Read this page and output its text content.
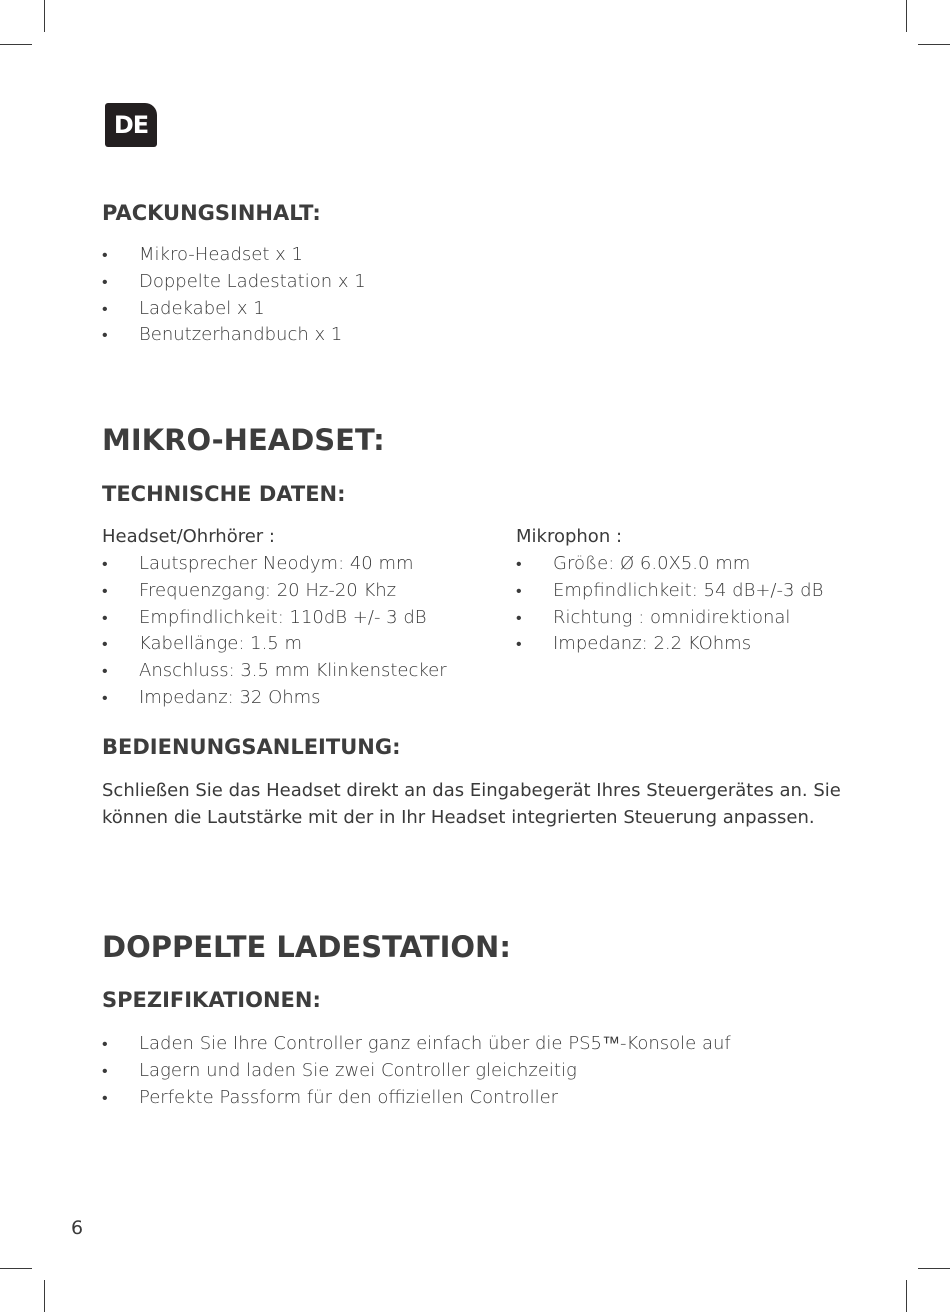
DE
PACKUNGSINHALT:
• Mikro-Headset x 1
• Doppelte Ladestation x 1
• Ladekabel x 1
• Benutzerhandbuch x 1
MIKRO-HEADSET:
TECHNISCHE DATEN:
Headset/Ohrhörer :
• Lautsprecher Neodym: 40 mm
• Frequenzgang: 20 Hz-20 Khz
• Empfindlichkeit: 110dB +/- 3 dB
• Kabellänge: 1.5 m
• Anschluss: 3.5 mm Klinkenstecker
• Impedanz: 32 Ohms
Mikrophon :
• Größe: Ø 6.0X5.0 mm
• Empfindlichkeit: 54 dB+/-3 dB
• Richtung : omnidirektional
• Impedanz: 2.2 KOhms
BEDIENUNGSANLEITUNG:

Schließen Sie das Headset direkt an das Eingabegerät Ihres Steuergerätes an. Sie können die Lautstärke mit der in Ihr Headset integrierten Steuerung anpassen.

DOPPELTE LADESTATION:
SPEZIFIKATIONEN:
• Laden Sie Ihre Controller ganz einfach über die PS5™-Konsole auf
• Lagern und laden Sie zwei Controller gleichzeitig
• Perfekte Passform für den offiziellen Controller
6
